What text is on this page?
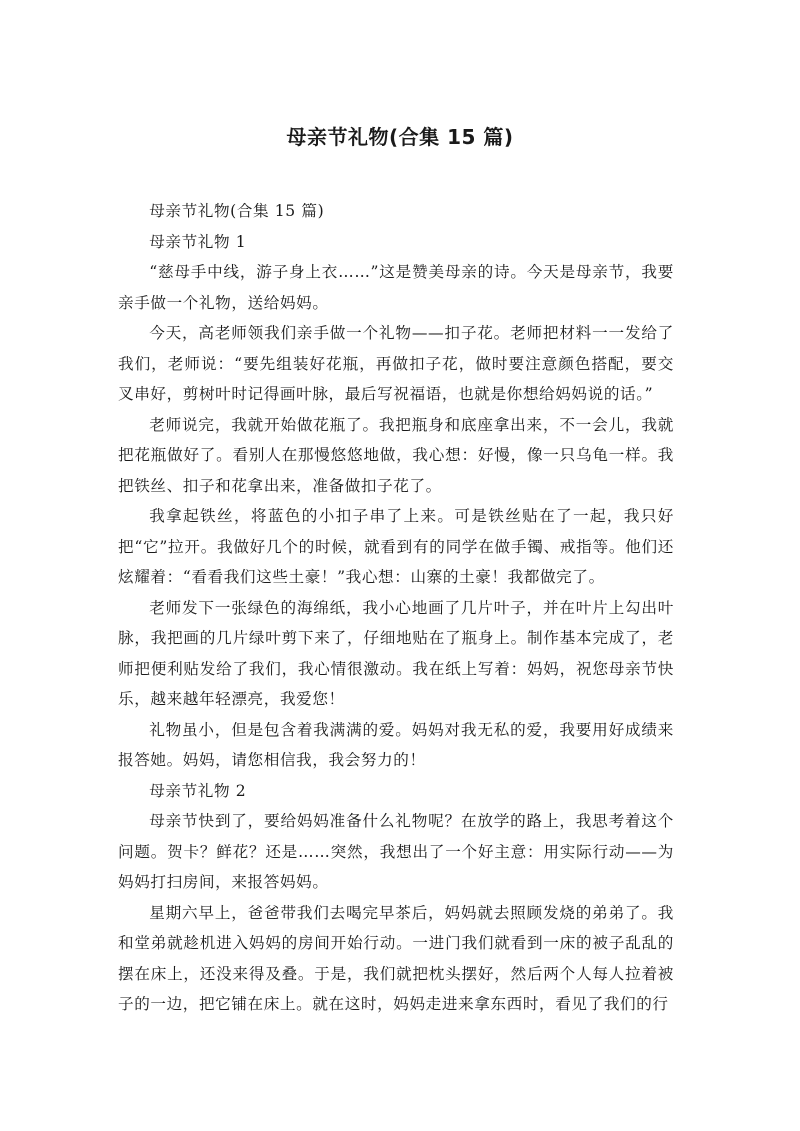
母亲节礼物(合集 15 篇)

母亲节礼物(合集 15 篇)

母亲节礼物 1

“慈母手中线，游子身上衣……”这是赞美母亲的诗。今天是母亲节，我要亲手做一个礼物，送给妈妈。

今天，高老师领我们亲手做一个礼物——扣子花。老师把材料一一发给了我们，老师说：“要先组装好花瓶，再做扣子花，做时要注意颜色搭配，要交叉串好，剪树叶时记得画叶脉，最后写祝福语，也就是你想给妈妈说的话。”

老师说完，我就开始做花瓶了。我把瓶身和底座拿出来，不一会儿，我就把花瓶做好了。看别人在那慢悠悠地做，我心想：好慢，像一只乌龟一样。我把铁丝、扣子和花拿出来，准备做扣子花了。

我拿起铁丝，将蓝色的小扣子串了上来。可是铁丝贴在了一起，我只好把“它”拉开。我做好几个的时候，就看到有的同学在做手镯、戒指等。他们还炫耀着：“看看我们这些土豪！”我心想：山寨的土豪！我都做完了。

老师发下一张绿色的海绵纸，我小心地画了几片叶子，并在叶片上勾出叶脉，我把画的几片绿叶剪下来了，仔细地贴在了瓶身上。制作基本完成了，老师把便利贴发给了我们，我心情很激动。我在纸上写着：妈妈，祝您母亲节快乐，越来越年轻漂亮，我爱您！

礼物虽小，但是包含着我满满的爱。妈妈对我无私的爱，我要用好成绩来报答她。妈妈，请您相信我，我会努力的！

母亲节礼物 2

母亲节快到了，要给妈妈准备什么礼物呢？在放学的路上，我思考着这个问题。贺卡？鲜花？还是……突然，我想出了一个好主意：用实际行动——为妈妈打扫房间，来报答妈妈。

星期六早上，爸爸带我们去喝完早茶后，妈妈就去照顾发烧的弟弟了。我和堂弟就趁机进入妈妈的房间开始行动。一进门我们就看到一床的被子乱乱的摆在床上，还没来得及叠。于是，我们就把枕头摆好，然后两个人每人拉着被子的一边，把它铺在床上。就在这时，妈妈走进来拿东西时，看见了我们的行
